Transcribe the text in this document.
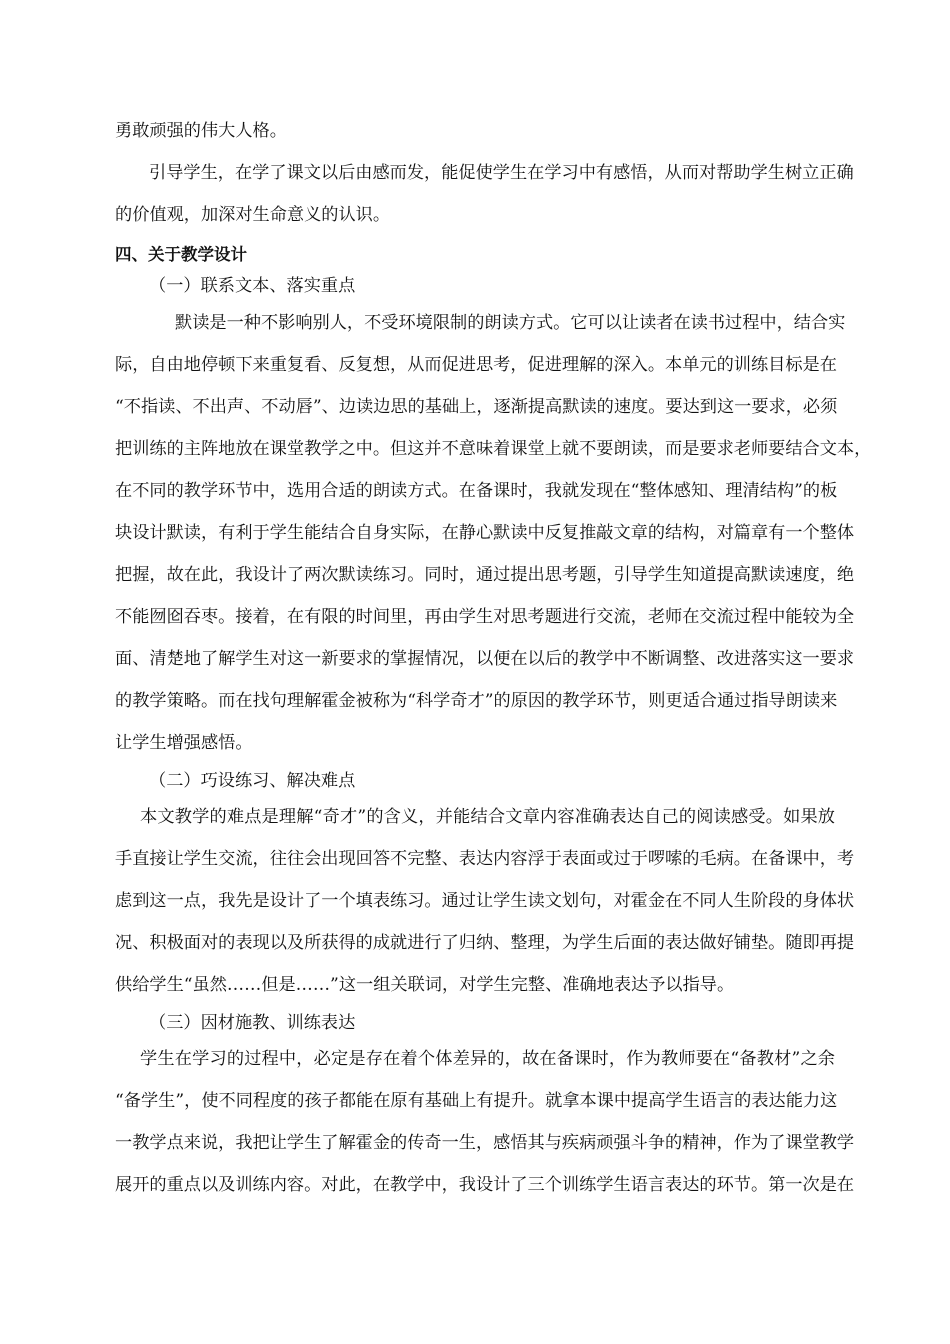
勇敢顽强的伟大人格。
引导学生，在学了课文以后由感而发，能促使学生在学习中有感悟，从而对帮助学生树立正确
的价值观，加深对生命意义的认识。
四、关于教学设计
（一）联系文本、落实重点
默读是一种不影响别人，不受环境限制的朗读方式。它可以让读者在读书过程中，结合实
际，自由地停顿下来重复看、反复想，从而促进思考，促进理解的深入。本单元的训练目标是在
“不指读、不出声、不动唇”、边读边思的基础上，逐渐提高默读的速度。要达到这一要求，必须
把训练的主阵地放在课堂教学之中。但这并不意味着课堂上就不要朗读，而是要求老师要结合文本，
在不同的教学环节中，选用合适的朗读方式。在备课时，我就发现在“整体感知、理清结构”的板
块设计默读，有利于学生能结合自身实际，在静心默读中反复推敲文章的结构，对篇章有一个整体
把握，故在此，我设计了两次默读练习。同时，通过提出思考题，引导学生知道提高默读速度，绝
不能囫囵吞枣。接着，在有限的时间里，再由学生对思考题进行交流，老师在交流过程中能较为全
面、清楚地了解学生对这一新要求的掌握情况，以便在以后的教学中不断调整、改进落实这一要求
的教学策略。而在找句理解霍金被称为“科学奇才”的原因的教学环节，则更适合通过指导朗读来
让学生增强感悟。
（二）巧设练习、解决难点
本文教学的难点是理解“奇才”的含义，并能结合文章内容准确表达自己的阅读感受。如果放
手直接让学生交流，往往会出现回答不完整、表达内容浮于表面或过于啰嗦的毛病。在备课中，考
虑到这一点，我先是设计了一个填表练习。通过让学生读文划句，对霍金在不同人生阶段的身体状
况、积极面对的表现以及所获得的成就进行了归纳、整理，为学生后面的表达做好铺垫。随即再提
供给学生“虽然……但是……”这一组关联词，对学生完整、准确地表达予以指导。
（三）因材施教、训练表达
学生在学习的过程中，必定是存在着个体差异的，故在备课时，作为教师要在“备教材”之余
“备学生”，使不同程度的孩子都能在原有基础上有提升。就拿本课中提高学生语言的表达能力这
一教学点来说，我把让学生了解霍金的传奇一生，感悟其与疾病顽强斗争的精神，作为了课堂教学
展开的重点以及训练内容。对此，在教学中，我设计了三个训练学生语言表达的环节。第一次是在
